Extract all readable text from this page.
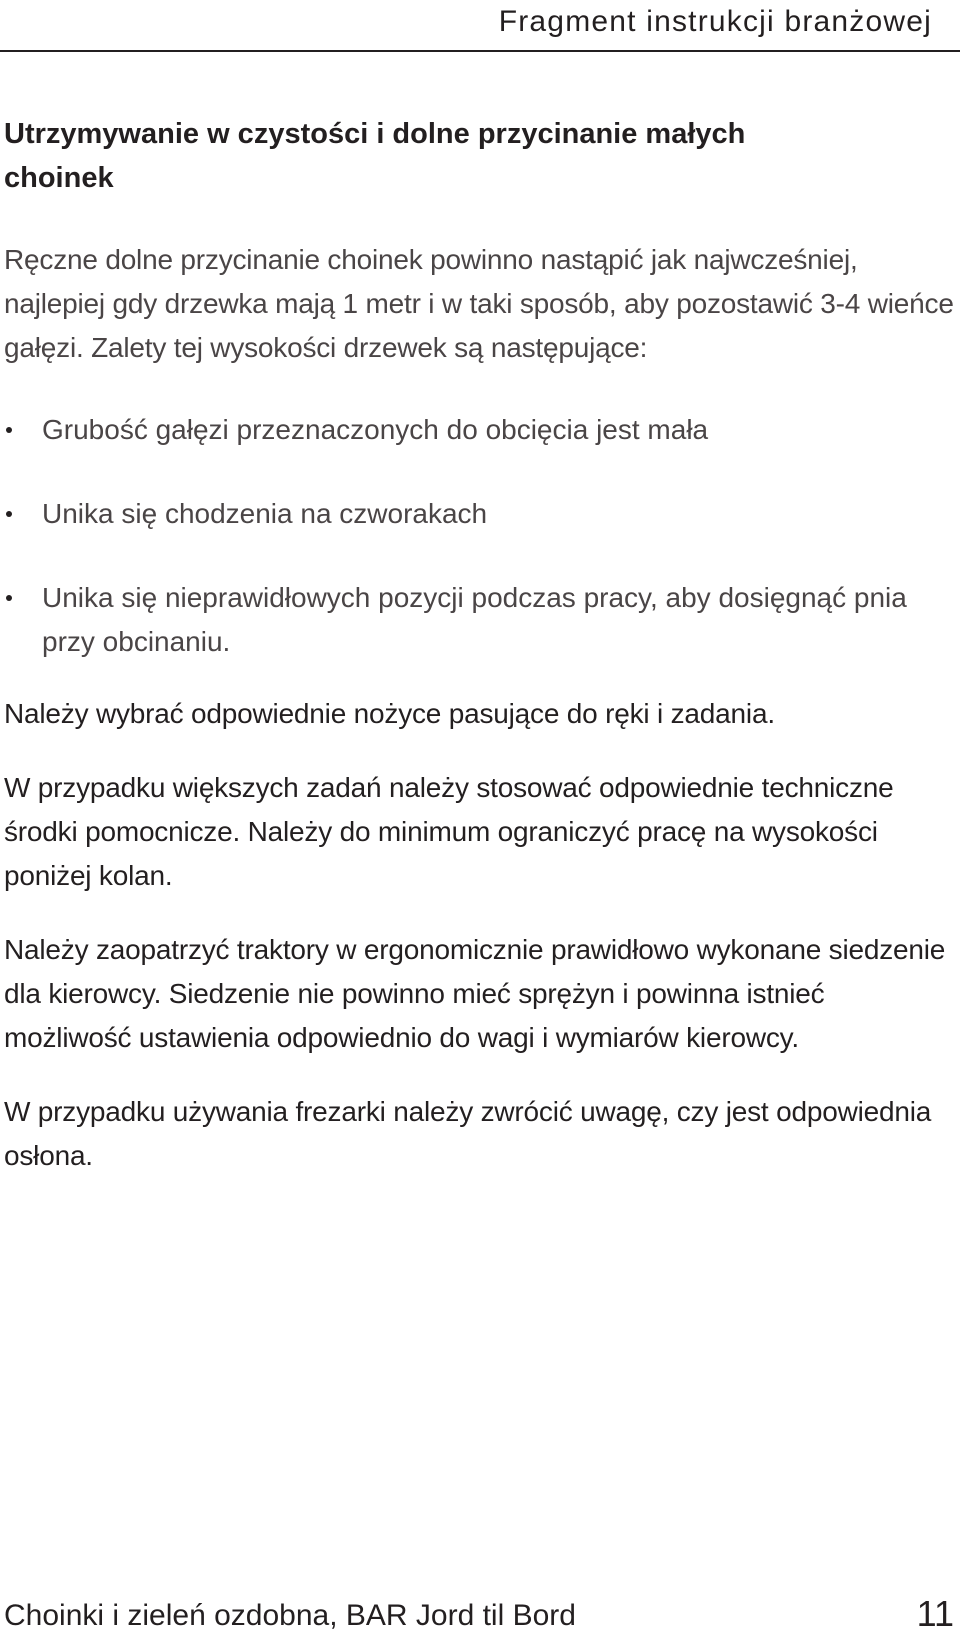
Fragment instrukcji branżowej
Utrzymywanie w czystości i dolne przycinanie małych
choinek

Ręczne dolne przycinanie choinek powinno nastąpić jak najwcześniej, najlepiej gdy drzewka mają 1 metr i w taki sposób, aby pozostawić 3-4 wieńce gałęzi. Zalety tej wysokości drzewek są następujące:

Grubość gałęzi przeznaczonych do obcięcia jest mała
Unika się chodzenia na czworakach
Unika się nieprawidłowych pozycji podczas pracy, aby dosięgnąć pnia przy obcinaniu.

Należy wybrać odpowiednie nożyce pasujące do ręki i zadania.

W przypadku większych zadań należy stosować odpowiednie techniczne środki pomocnicze. Należy do minimum ograniczyć pracę na wysokości poniżej kolan.

Należy zaopatrzyć traktory w ergonomicznie prawidłowo wykonane siedzenie dla kierowcy. Siedzenie nie powinno mieć sprężyn i powinna istnieć możliwość ustawienia odpowiednio do wagi i wymiarów kierowcy.

W przypadku używania frezarki należy zwrócić uwagę, czy jest odpowiednia osłona.

Choinki i zieleń ozdobna, BAR Jord til Bord	11
